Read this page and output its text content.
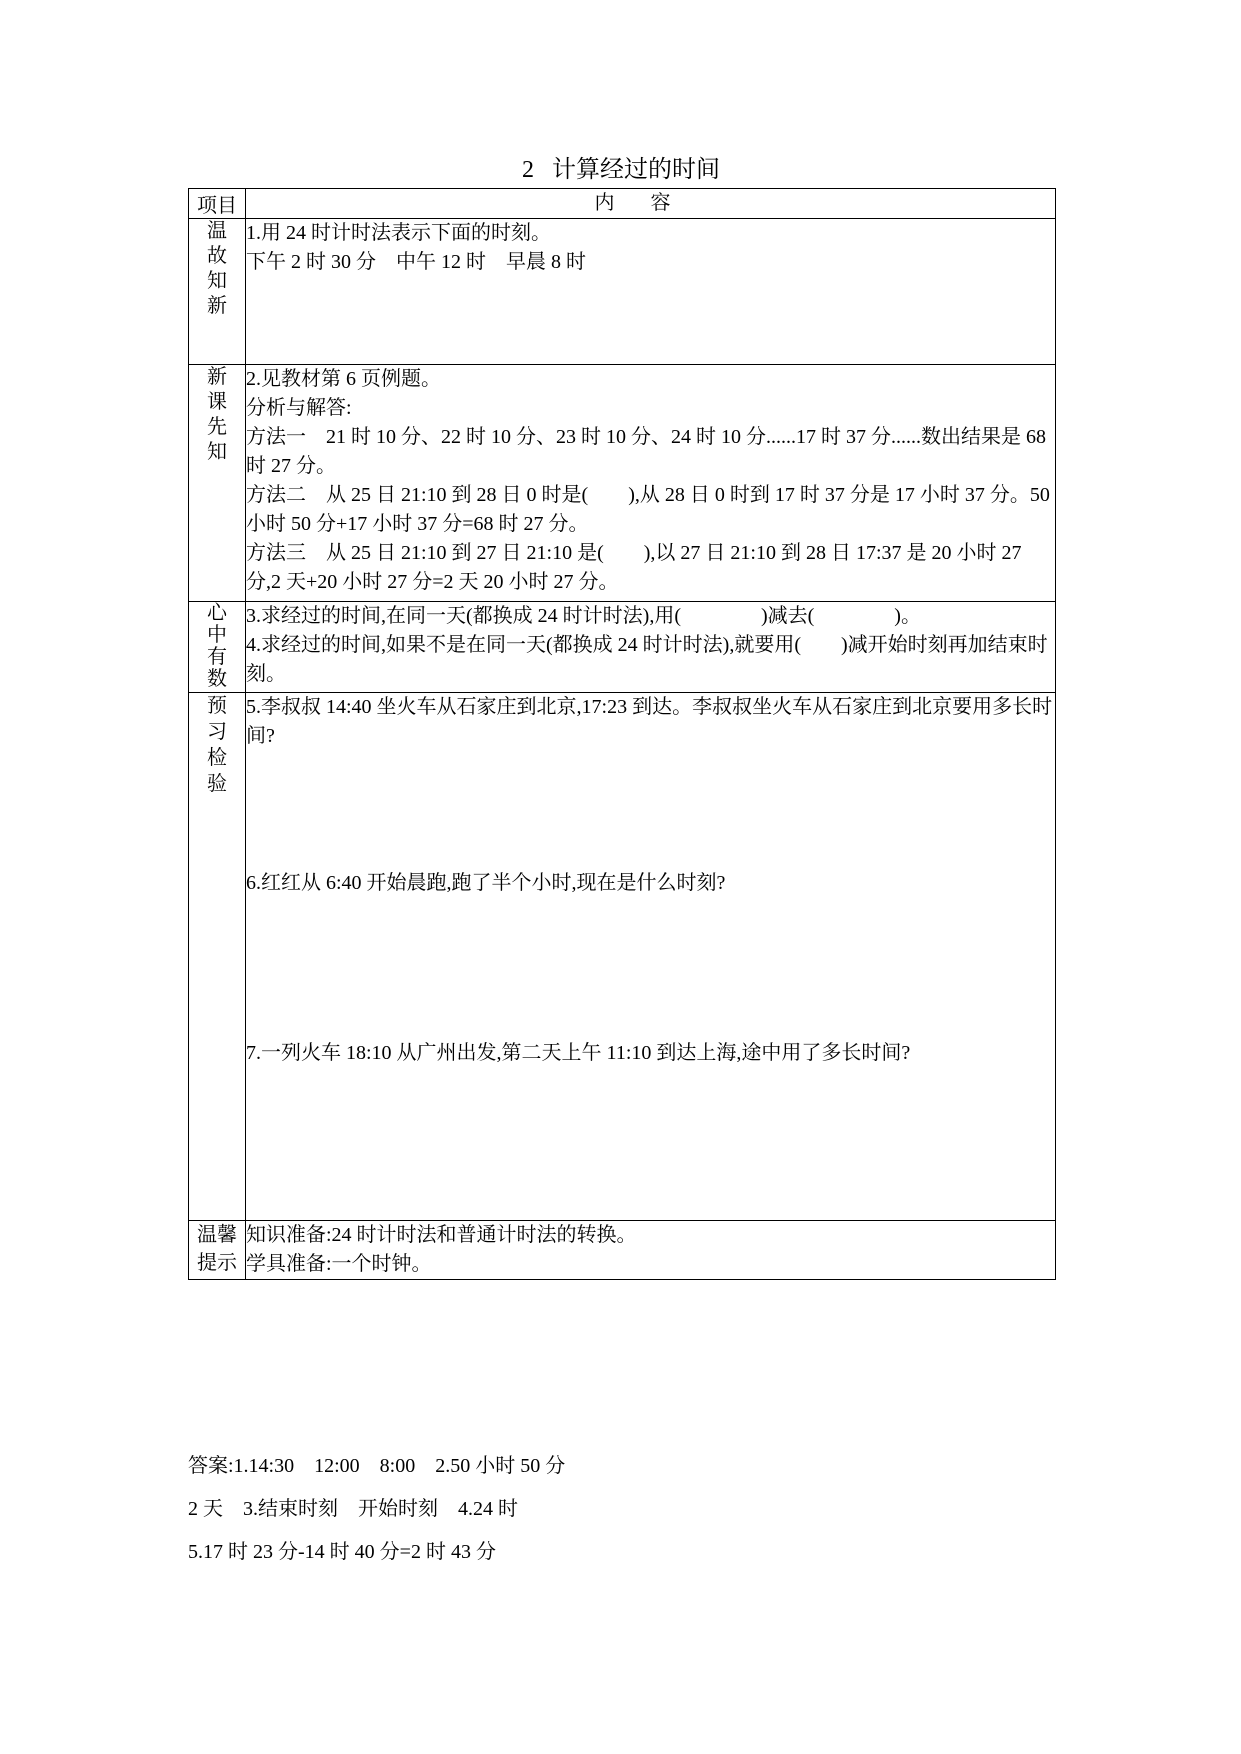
2 计算经过的时间
项目	内容
温故知新	1.用 24 时计时法表示下面的时刻。
下午 2 时 30 分　中午 12 时　早晨 8 时

新课先知	2.见教材第 6 页例题。
分析与解答:
方法一　21 时 10 分、22 时 10 分、23 时 10 分、24 时 10 分......17 时 37 分......数出结果是 68 时 27 分。
方法二　从 25 日 21:10 到 28 日 0 时是(　　),从 28 日 0 时到 17 时 37 分是 17 小时 37 分。50 小时 50 分+17 小时 37 分=68 时 27 分。
方法三　从 25 日 21:10 到 27 日 21:10 是(　　),以 27 日 21:10 到 28 日 17:37 是 20 小时 27 分,2 天+20 小时 27 分=2 天 20 小时 27 分。

心中有数	3.求经过的时间,在同一天(都换成 24 时计时法),用(　　　　)减去(　　　　)。
4.求经过的时间,如果不是在同一天(都换成 24 时计时法),就要用(　　)减开始时刻再加结束时刻。

预习检验	5.李叔叔 14:40 坐火车从石家庄到北京,17:23 到达。李叔叔坐火车从石家庄到北京要用多长时间?
6.红红从 6:40 开始晨跑,跑了半个小时,现在是什么时刻?
7.一列火车 18:10 从广州出发,第二天上午 11:10 到达上海,途中用了多长时间?

温馨
提示	知识准备:24 时计时法和普通计时法的转换。
学具准备:一个时钟。
答案:1.14:30　12:00　8:00　2.50 小时 50 分
2 天　3.结束时刻　开始时刻　4.24 时
5.17 时 23 分-14 时 40 分=2 时 43 分
